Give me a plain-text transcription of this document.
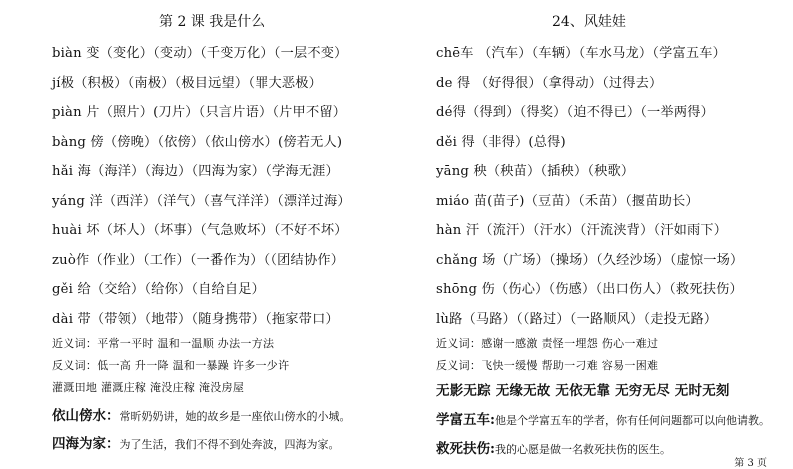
第 2 课 我是什么
biàn 变（变化）（变动）（千变万化）（一层不变）
jí极（积极）（南极）（极目远望）（罪大恶极）
piàn 片（照片）(刀片）（只言片语）（片甲不留）
bàng 傍（傍晚）（依傍）（依山傍水）(傍若无人)
hǎi 海（海洋）（海边）（四海为家）（学海无涯）
yáng 洋（西洋）（洋气）（喜气洋洋）（漂洋过海）
huài 坏（坏人）（坏事）（气急败坏）（不好不坏）
zuò作（作业）（工作）（一番作为）（（团结协作）
gěi 给（交给）（给你）（自给自足）
dài 带（带领）（地带）（随身携带）（拖家带口）
近义词：平常一平时 温和一温顺 办法一方法
反义词：低一高 升一降 温和一暴躁 许多一少许
灌溉田地 灌溉庄稼 淹没庄稼 淹没房屋
依山傍水：常昕奶奶讲，她的故乡是一座依山傍水的小城。
四海为家：为了生活，我们不得不到处奔波，四海为家。
24、风娃娃
chē车 （汽车）（车辆）（车水马龙）（学富五车）
de 得 （好得很）（拿得动）（过得去）
dé得（得到）（得奖）（迫不得已）（一举两得）
děi 得（非得）(总得)
yāng 秧（秧苗）（插秧）（秧歌）
miáo 苗(苗子)（豆苗）（禾苗）（揠苗助长）
hàn 汗（流汗）（汗水）（汗流浃背）（汗如雨下）
chǎng 场（广场）（操场）（久经沙场）（虚惊一场）
shōng 伤（伤心）（伤感）（出口伤人）（救死扶伤）
lù路（马路）（（路过）（一路顺风）（走投无路）
近义词：感谢一感激 责怪一埋怨 伤心一难过
反义词：飞快一缓慢 帮助一刁难 容易一困难
无影无踪 无缘无故 无依无靠 无穷无尽 无时无刻
学富五车:他是个学富五车的学者，你有任何问题都可以向他请教。
救死扶伤:我的心愿是做一名救死扶伤的医生。
第 3 页
